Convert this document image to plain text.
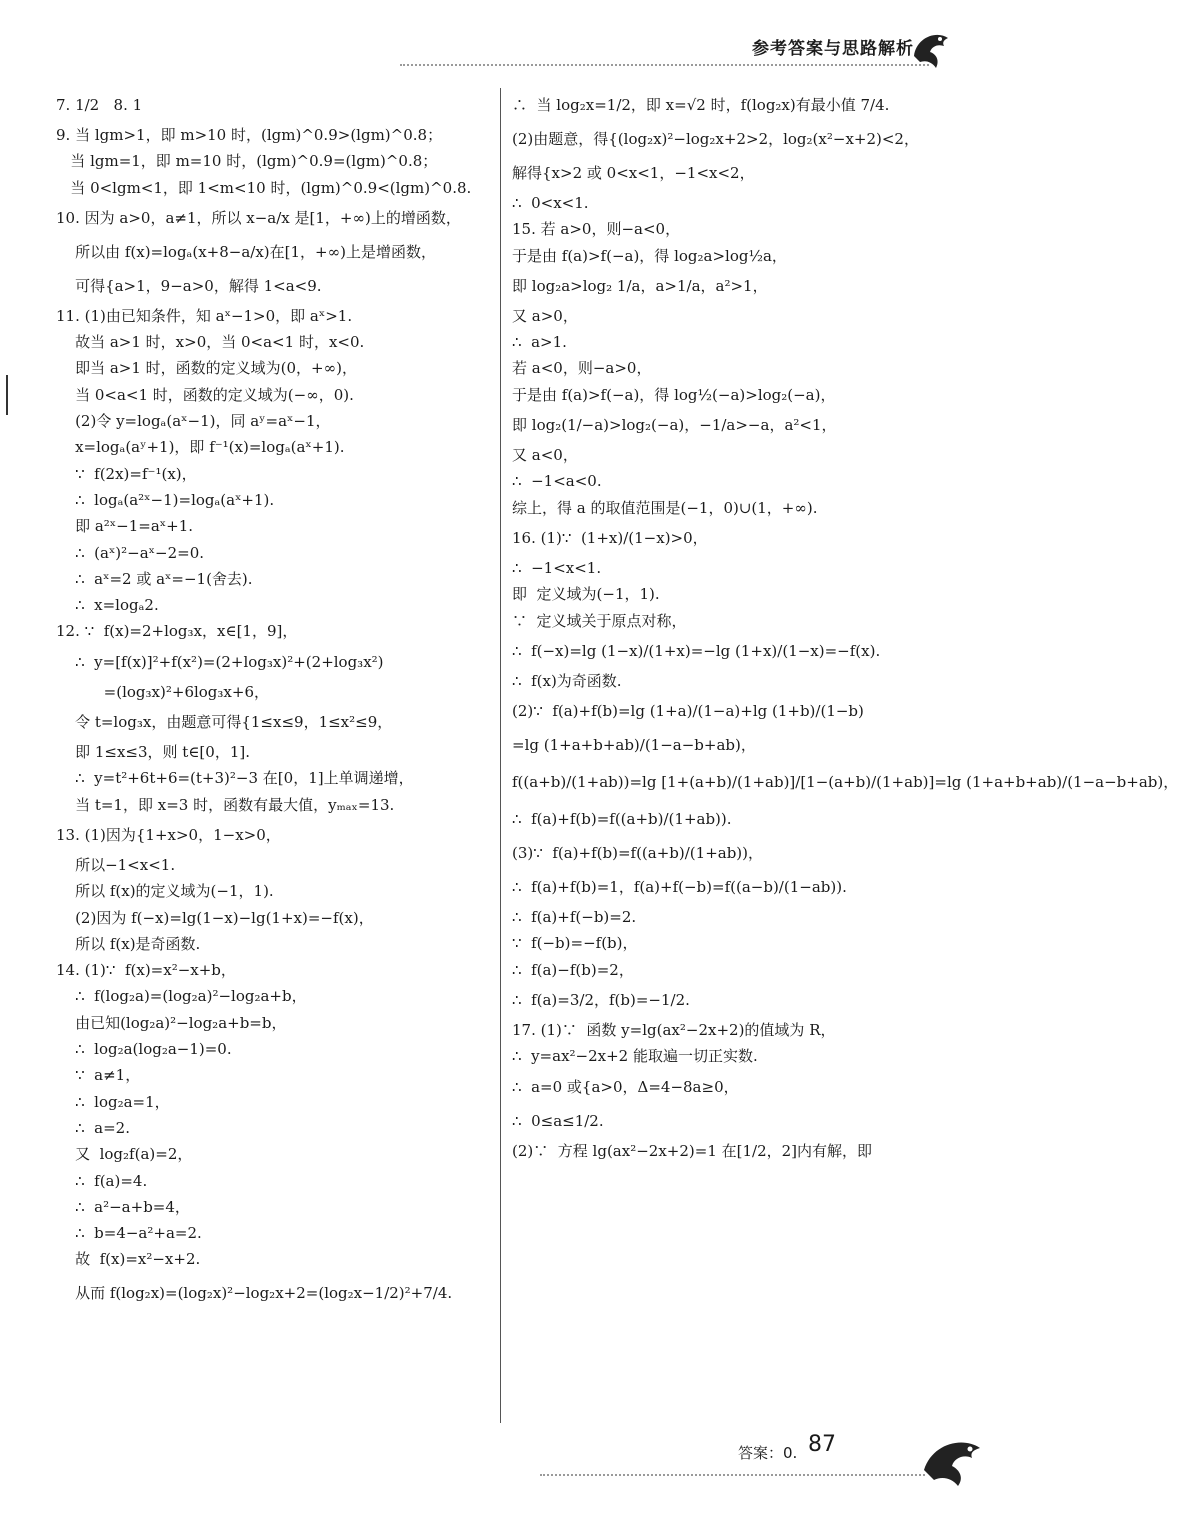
参考答案与思路解析
7. 1/2   8. 1
9. 当 lgm>1，即 m>10 时，(lgm)^0.9>(lgm)^0.8；
当 lgm=1，即 m=10 时，(lgm)^0.9=(lgm)^0.8；
当 0<lgm<1，即 1<m<10 时，(lgm)^0.9<(lgm)^0.8.
10. 因为 a>0，a≠1，所以 x−a/x 是[1，+∞)上的增函数，
所以由 f(x)=logₐ(x+8−a/x)在[1，+∞)上是增函数，
可得{a>1，9−a>0，解得 1<a<9.
11. (1)由已知条件，知 aˣ−1>0，即 aˣ>1.
故当 a>1 时，x>0，当 0<a<1 时，x<0.
即当 a>1 时，函数的定义域为(0，+∞)，
当 0<a<1 时，函数的定义域为(−∞，0).
(2)令 y=logₐ(aˣ−1)，同 aʸ=aˣ−1，
x=logₐ(aʸ+1)，即 f⁻¹(x)=logₐ(aˣ+1).
∵  f(2x)=f⁻¹(x)，
∴  logₐ(a²ˣ−1)=logₐ(aˣ+1).
即 a²ˣ−1=aˣ+1.
∴  (aˣ)²−aˣ−2=0.
∴  aˣ=2 或 aˣ=−1(舍去).
∴  x=logₐ2.
12. ∵  f(x)=2+log₃x，x∈[1，9]，
∴  y=[f(x)]²+f(x²)=(2+log₃x)²+(2+log₃x²)
=(log₃x)²+6log₃x+6，
令 t=log₃x，由题意可得{1≤x≤9，1≤x²≤9，
即 1≤x≤3，则 t∈[0，1].
∴  y=t²+6t+6=(t+3)²−3 在[0，1]上单调递增，
当 t=1，即 x=3 时，函数有最大值，yₘₐₓ=13.
13. (1)因为{1+x>0，1−x>0，
所以−1<x<1.
所以 f(x)的定义域为(−1，1).
(2)因为 f(−x)=lg(1−x)−lg(1+x)=−f(x)，
所以 f(x)是奇函数.
14. (1)∵  f(x)=x²−x+b，
∴  f(log₂a)=(log₂a)²−log₂a+b，
由已知(log₂a)²−log₂a+b=b，
∴  log₂a(log₂a−1)=0.
∵  a≠1，
∴  log₂a=1，
∴  a=2.
又  log₂f(a)=2，
∴  f(a)=4.
∴  a²−a+b=4，
∴  b=4−a²+a=2.
故  f(x)=x²−x+2.
从而 f(log₂x)=(log₂x)²−log₂x+2=(log₂x−1/2)²+7/4.
∴  当 log₂x=1/2，即 x=√2 时，f(log₂x)有最小值 7/4.
(2)由题意，得{(log₂x)²−log₂x+2>2，log₂(x²−x+2)<2，
解得{x>2 或 0<x<1，−1<x<2，
∴  0<x<1.
15. 若 a>0，则−a<0，
于是由 f(a)>f(−a)，得 log₂a>log½a，
即 log₂a>log₂ 1/a，a>1/a，a²>1，
又 a>0，
∴  a>1.
若 a<0，则−a>0，
于是由 f(a)>f(−a)，得 log½(−a)>log₂(−a)，
即 log₂(1/−a)>log₂(−a)，−1/a>−a，a²<1，
又 a<0，
∴  −1<a<0.
综上，得 a 的取值范围是(−1，0)∪(1，+∞).
16. (1)∵  (1+x)/(1−x)>0，
∴  −1<x<1.
即  定义域为(−1，1).
∵  定义域关于原点对称，
∴  f(−x)=lg (1−x)/(1+x)=−lg (1+x)/(1−x)=−f(x).
∴  f(x)为奇函数.
(2)∵  f(a)+f(b)=lg (1+a)/(1−a)+lg (1+b)/(1−b)
=lg (1+a+b+ab)/(1−a−b+ab)，
f((a+b)/(1+ab))=lg [1+(a+b)/(1+ab)]/[1−(a+b)/(1+ab)]=lg (1+a+b+ab)/(1−a−b+ab)，
∴  f(a)+f(b)=f((a+b)/(1+ab)).
(3)∵  f(a)+f(b)=f((a+b)/(1+ab))，
∴  f(a)+f(b)=1，f(a)+f(−b)=f((a−b)/(1−ab)).
∴  f(a)+f(−b)=2.
∵  f(−b)=−f(b)，
∴  f(a)−f(b)=2，
∴  f(a)=3/2，f(b)=−1/2.
17. (1)∵  函数 y=lg(ax²−2x+2)的值域为 R，
∴  y=ax²−2x+2 能取遍一切正实数.
∴  a=0 或{a>0，Δ=4−8a≥0，
∴  0≤a≤1/2.
(2)∵  方程 lg(ax²−2x+2)=1 在[1/2，2]内有解，即
答案：0. 87
